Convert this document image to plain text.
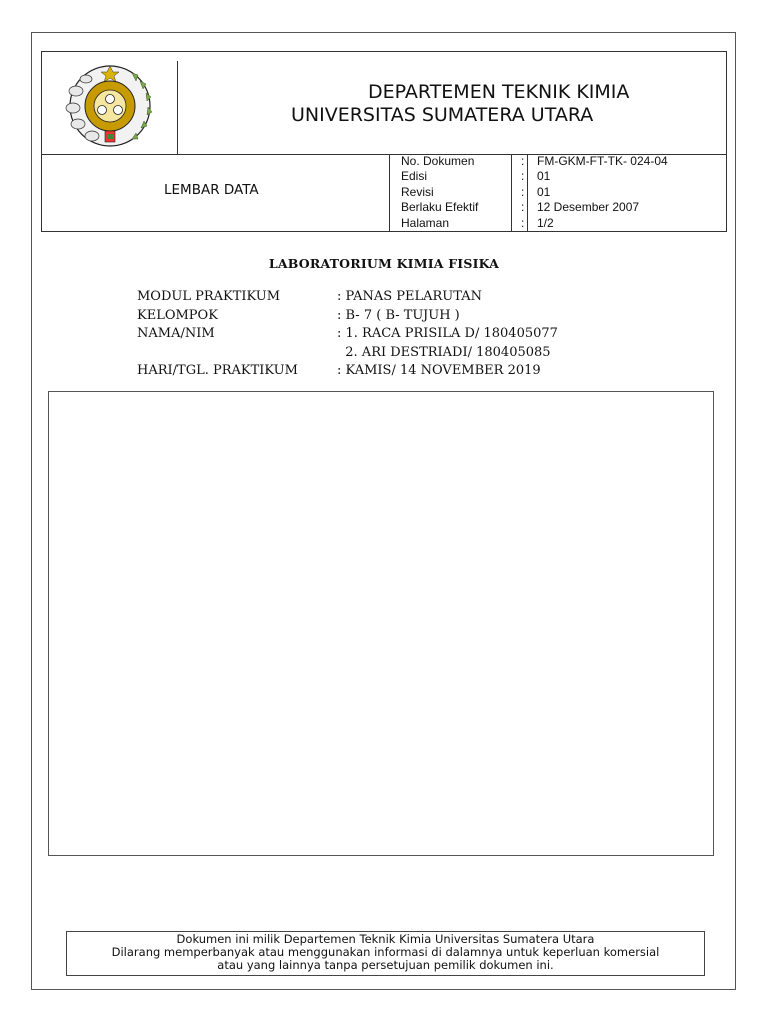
DEPARTEMEN TEKNIK KIMIA
UNIVERSITAS SUMATERA UTARA
LEMBAR DATA
No. Dokumen	:	FM-GKM-FT-TK- 024-04
Edisi	:	01
Revisi	:	01
Berlaku Efektif	:	12 Desember 2007
Halaman	:	1/2
LABORATORIUM KIMIA FISIKA
MODUL PRAKTIKUM	: PANAS PELARUTAN
KELOMPOK	: B- 7 ( B- TUJUH )
NAMA/NIM	: 1. RACA PRISILA D/ 180405077
2. ARI DESTRIADI/ 180405085
HARI/TGL. PRAKTIKUM	: KAMIS/ 14 NOVEMBER 2019
Dokumen ini milik Departemen Teknik Kimia Universitas Sumatera Utara
Dilarang memperbanyak atau menggunakan informasi di dalamnya untuk keperluan komersial
atau yang lainnya tanpa persetujuan pemilik dokumen ini.
